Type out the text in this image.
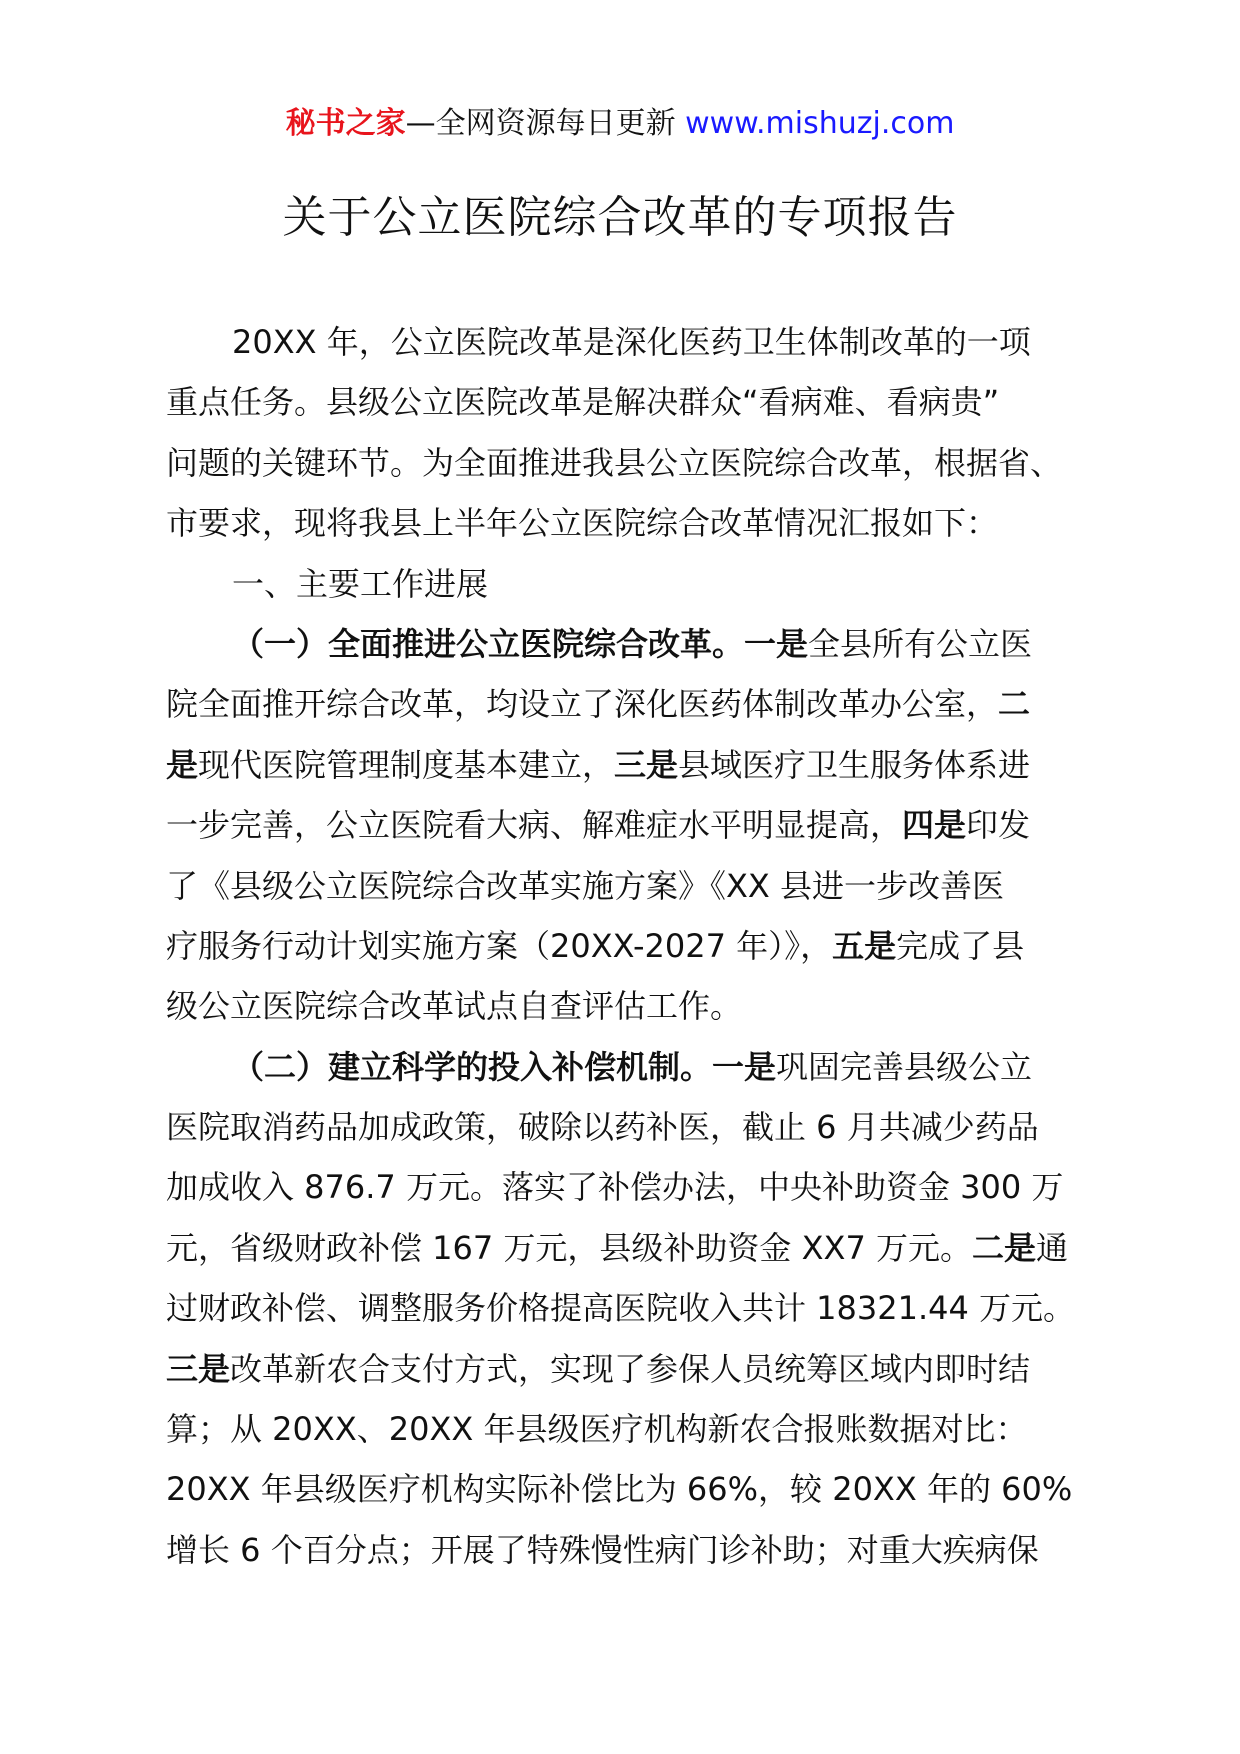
秘书之家—全网资源每日更新 www.mishuzj.com
关于公立医院综合改革的专项报告
20XX 年，公立医院改革是深化医药卫生体制改革的一项
重点任务。县级公立医院改革是解决群众“看病难、看病贵”
问题的关键环节。为全面推进我县公立医院综合改革，根据省、
市要求，现将我县上半年公立医院综合改革情况汇报如下：
一、主要工作进展
（一）全面推进公立医院综合改革。一是全县所有公立医
院全面推开综合改革，均设立了深化医药体制改革办公室，二
是现代医院管理制度基本建立，三是县域医疗卫生服务体系进
一步完善，公立医院看大病、解难症水平明显提高，四是印发
了《县级公立医院综合改革实施方案》《XX 县进一步改善医
疗服务行动计划实施方案（20XX-2027 年）》，五是完成了县
级公立医院综合改革试点自查评估工作。
（二）建立科学的投入补偿机制。一是巩固完善县级公立
医院取消药品加成政策，破除以药补医，截止 6 月共减少药品
加成收入 876.7 万元。落实了补偿办法，中央补助资金 300 万
元，省级财政补偿 167 万元，县级补助资金 XX7 万元。二是通
过财政补偿、调整服务价格提高医院收入共计 18321.44 万元。
三是改革新农合支付方式，实现了参保人员统筹区域内即时结
算；从 20XX、20XX 年县级医疗机构新农合报账数据对比：
20XX 年县级医疗机构实际补偿比为 66%，较 20XX 年的 60%
增长 6 个百分点；开展了特殊慢性病门诊补助；对重大疾病保
